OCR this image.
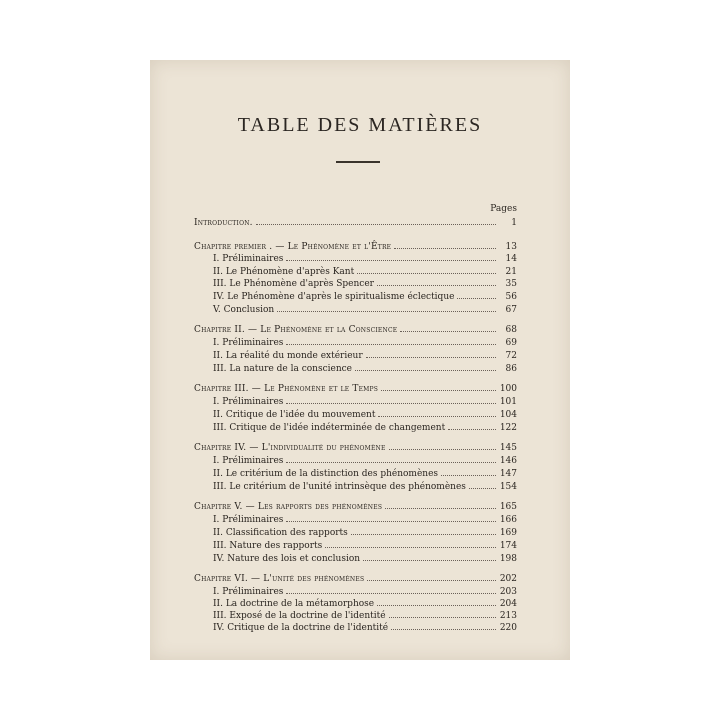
TABLE DES MATIÈRES
Pages
Introduction.	1
Chapitre premier . — Le Phénomène et l'Être	13
I. Préliminaires	14
II. Le Phénomène d'après Kant	21
III. Le Phénomène d'après Spencer	35
IV. Le Phénomène d'après le spiritualisme éclectique	56
V. Conclusion	67
Chapitre II. — Le Phénomène et la Conscience	68
I. Préliminaires	69
II. La réalité du monde extérieur	72
III. La nature de la conscience	86
Chapitre III. — Le Phénomène et le Temps	100
I. Préliminaires	101
II. Critique de l'idée du mouvement	104
III. Critique de l'idée indéterminée de changement	122
Chapitre IV. — L'individualité du phénomène	145
I. Préliminaires	146
II. Le critérium de la distinction des phénomènes	147
III. Le critérium de l'unité intrinsèque des phénomènes	154
Chapitre V. — Les rapports des phénomènes	165
I. Préliminaires	166
II. Classification des rapports	169
III. Nature des rapports	174
IV. Nature des lois et conclusion	198
Chapitre VI. — L'unité des phénomènes	202
I. Préliminaires	203
II. La doctrine de la métamorphose	204
III. Exposé de la doctrine de l'identité	213
IV. Critique de la doctrine de l'identité	220
